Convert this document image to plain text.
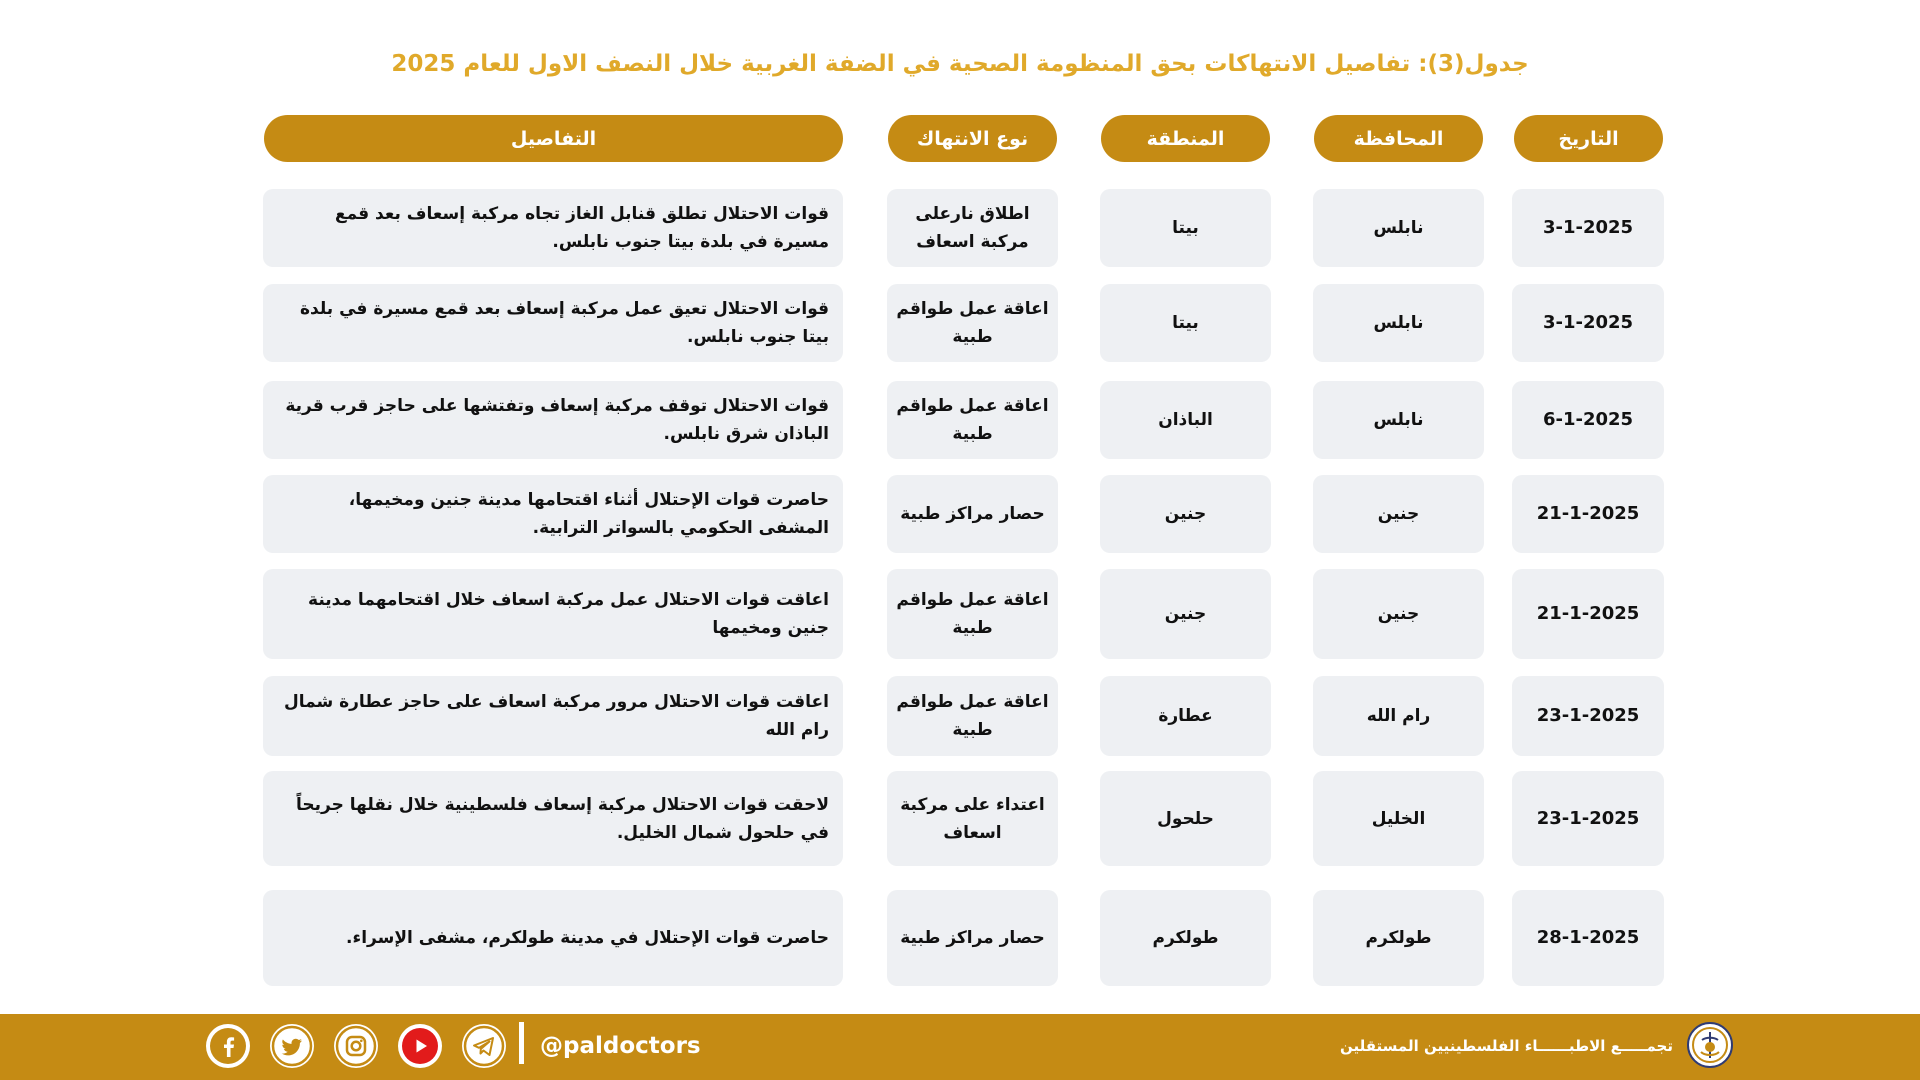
جدول(3): تفاصيل الانتهاكات بحق المنظومة الصحية في الضفة الغربية خلال النصف الاول للعام 2025
التاريخ
المحافظة
المنطقة
نوع الانتهاك
التفاصيل
3-1-2025
نابلس
بيتا
اطلاق نارعلى مركبة اسعاف
قوات الاحتلال تطلق قنابل الغاز تجاه مركبة إسعاف بعد قمع مسيرة في بلدة بيتا جنوب نابلس.
3-1-2025
نابلس
بيتا
اعاقة عمل طواقم طبية
قوات الاحتلال تعيق عمل مركبة إسعاف بعد قمع مسيرة في بلدة بيتا جنوب نابلس.
6-1-2025
نابلس
الباذان
اعاقة عمل طواقم طبية
قوات الاحتلال توقف مركبة إسعاف وتفتشها على حاجز قرب قرية الباذان شرق نابلس.
21-1-2025
جنين
جنين
حصار مراكز طبية
حاصرت قوات الإحتلال أثناء اقتحامها مدينة جنين ومخيمها، المشفى الحكومي بالسواتر الترابية.
21-1-2025
جنين
جنين
اعاقة عمل طواقم طبية
اعاقت قوات الاحتلال عمل مركبة اسعاف خلال اقتحامهما مدينة جنين ومخيمها
23-1-2025
رام الله
عطارة
اعاقة عمل طواقم طبية
اعاقت قوات الاحتلال مرور مركبة اسعاف على حاجز عطارة شمال رام الله
23-1-2025
الخليل
حلحول
اعتداء على مركبة اسعاف
لاحقت قوات الاحتلال مركبة إسعاف فلسطينية خلال نقلها جريحاً في حلحول شمال الخليل.
28-1-2025
طولكرم
طولكرم
حصار مراكز طبية
حاصرت قوات الإحتلال في مدينة طولكرم، مشفى الإسراء.
@paldoctors	تجمـــــع الاطبــــــاء الفلسطينيين المستقلين
